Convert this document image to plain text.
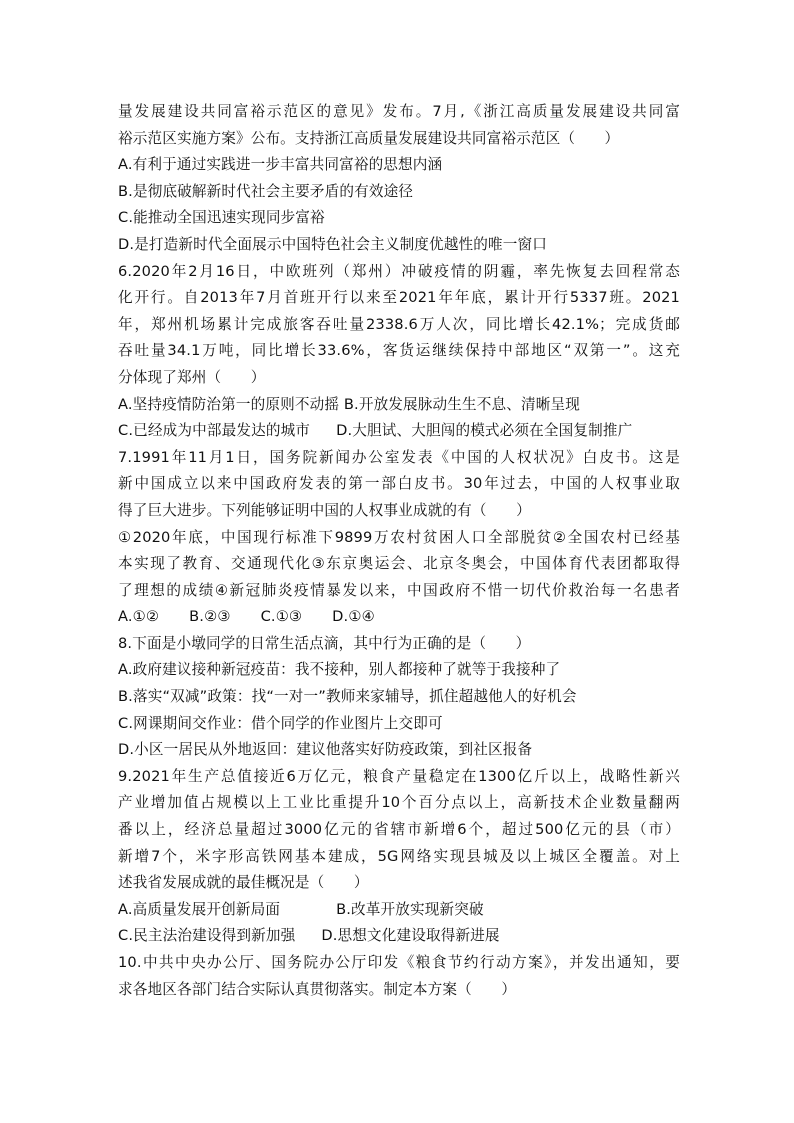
量发展建设共同富裕示范区的意见》发布。7月,《浙江高质量发展建设共同富
裕示范区实施方案》公布。支持浙江高质量发展建设共同富裕示范区（　　）
A.有利于通过实践进一步丰富共同富裕的思想内涵
B.是彻底破解新时代社会主要矛盾的有效途径
C.能推动全国迅速实现同步富裕
D.是打造新时代全面展示中国特色社会主义制度优越性的唯一窗口
6.2020年2月16日，中欧班列（郑州）冲破疫情的阴霾，率先恢复去回程常态
化开行。自2013年7月首班开行以来至2021年年底，累计开行5337班。2021
年，郑州机场累计完成旅客吞吐量2338.6万人次，同比增长42.1%；完成货邮
吞吐量34.1万吨，同比增长33.6%，客货运继续保持中部地区“双第一”。这充
分体现了郑州（　　）
A.坚持疫情防治第一的原则不动摇 B.开放发展脉动生生不息、清晰呈现
C.已经成为中部最发达的城市 D.大胆试、大胆闯的模式必须在全国复制推广
7.1991年11月1日，国务院新闻办公室发表《中国的人权状况》白皮书。这是
新中国成立以来中国政府发表的第一部白皮书。30年过去，中国的人权事业取
得了巨大进步。下列能够证明中国的人权事业成就的有（　　）
①2020年底，中国现行标准下9899万农村贫困人口全部脱贫②全国农村已经基
本实现了教育、交通现代化③东京奥运会、北京冬奥会，中国体育代表团都取得
了理想的成绩④新冠肺炎疫情暴发以来，中国政府不惜一切代价救治每一名患者
A.①② B.②③ C.①③ D.①④
8.下面是小墩同学的日常生活点滴，其中行为正确的是（　　）
A.政府建议接种新冠疫苗：我不接种，别人都接种了就等于我接种了
B.落实“双减”政策：找“一对一”教师来家辅导，抓住超越他人的好机会
C.网课期间交作业：借个同学的作业图片上交即可
D.小区一居民从外地返回：建议他落实好防疫政策，到社区报备
9.2021年生产总值接近6万亿元，粮食产量稳定在1300亿斤以上，战略性新兴
产业增加值占规模以上工业比重提升10个百分点以上，高新技术企业数量翻两
番以上，经济总量超过3000亿元的省辖市新增6个，超过500亿元的县（市）
新增7个，米字形高铁网基本建成，5G网络实现县城及以上城区全覆盖。对上
述我省发展成就的最佳概况是（　　）
A.高质量发展开创新局面	B.改革开放实现新突破
C.民主法治建设得到新加强 D.思想文化建设取得新进展
10.中共中央办公厅、国务院办公厅印发《粮食节约行动方案》，并发出通知，要
求各地区各部门结合实际认真贯彻落实。制定本方案（　　）
